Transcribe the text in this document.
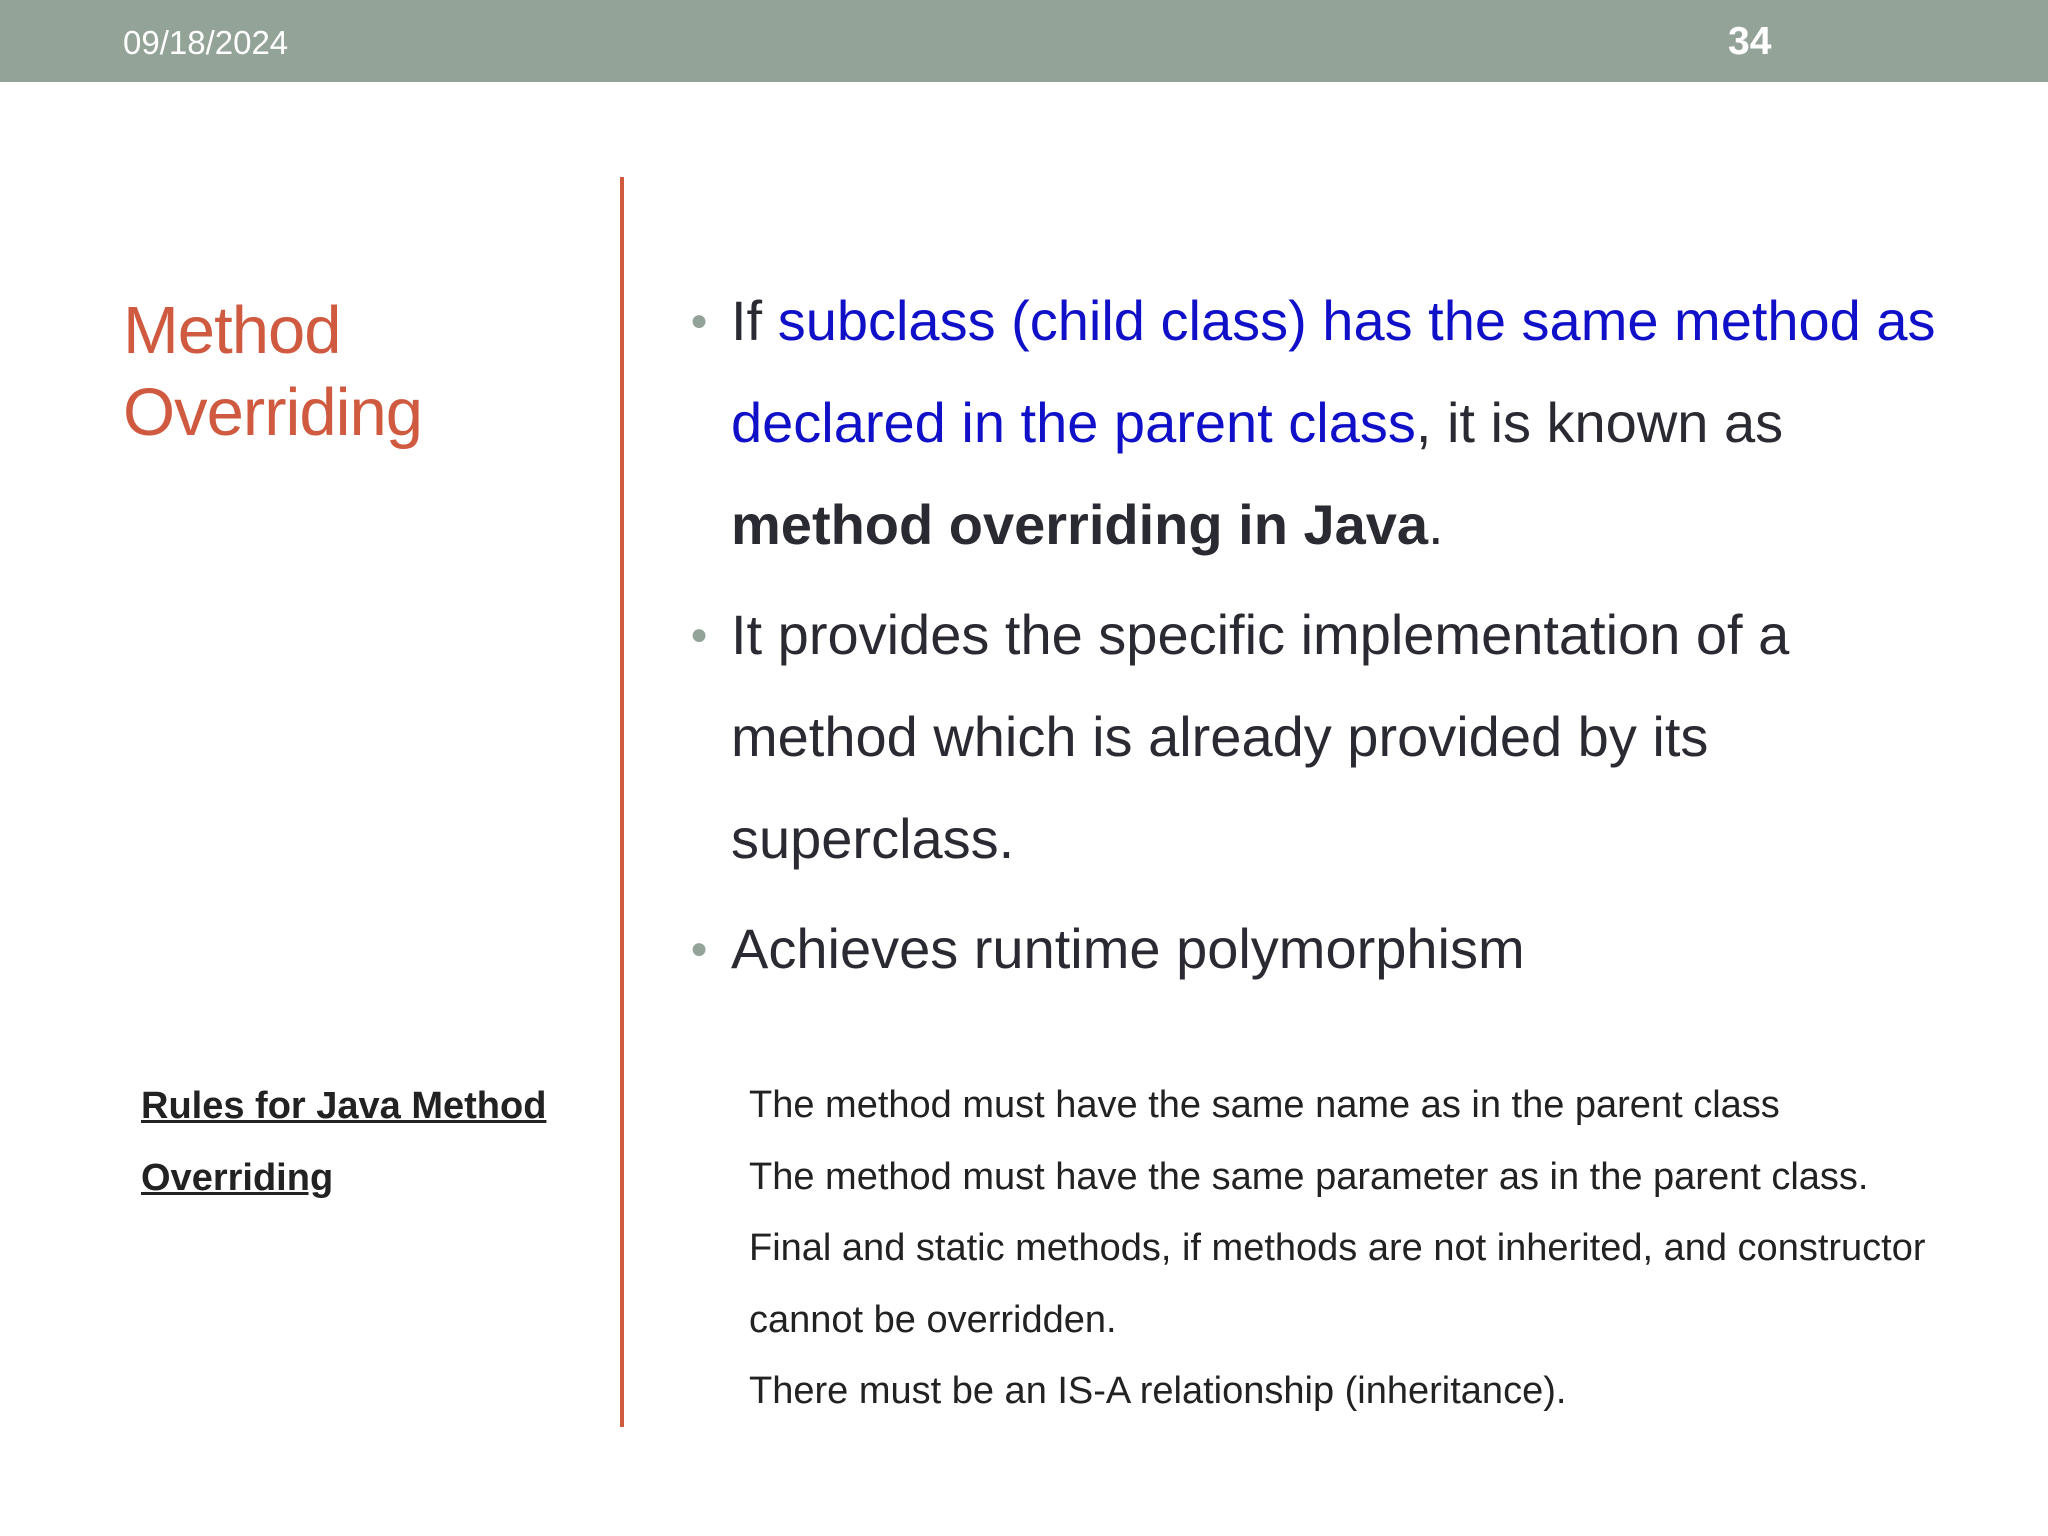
09/18/2024	34
Method
Overriding
● If subclass (child class) has the same method as declared in the parent class, it is known as method overriding in Java.
● It provides the specific implementation of a method which is already provided by its superclass.
● Achieves runtime polymorphism
Rules for Java Method Overriding
The method must have the same name as in the parent class
The method must have the same parameter as in the parent class.
Final and static methods, if methods are not inherited, and constructor cannot be overridden.
There must be an IS-A relationship (inheritance).
